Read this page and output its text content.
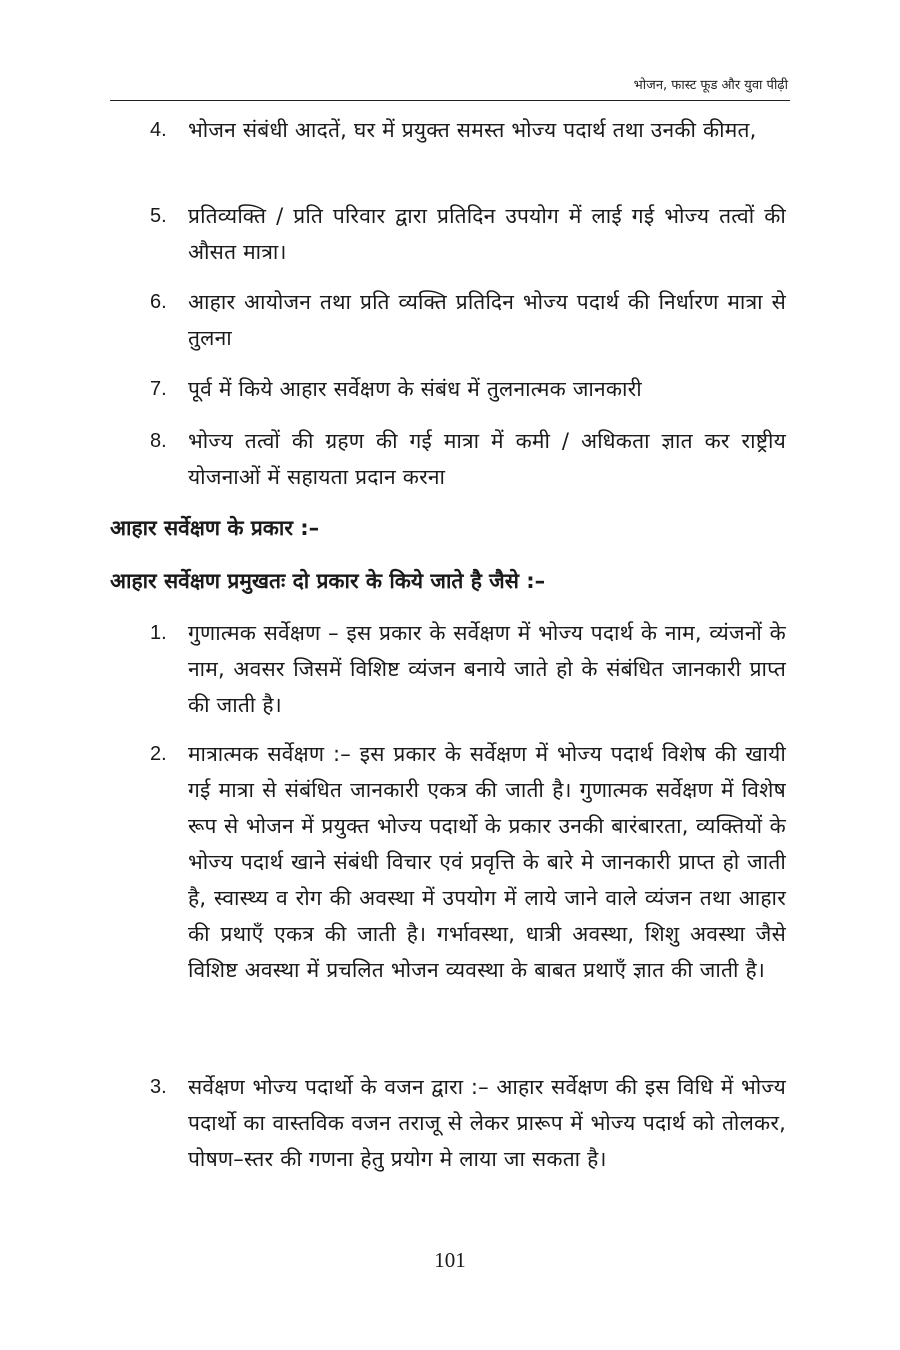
भोजन, फास्ट फूड और युवा पीढ़ी
4.	भोजन संबंधी आदतें, घर में प्रयुक्त समस्त भोज्य पदार्थ तथा उनकी कीमत,
5.	प्रतिव्यक्ति / प्रति परिवार द्वारा प्रतिदिन उपयोग में लाई गई भोज्य तत्वों की औसत मात्रा।
6.	आहार आयोजन तथा प्रति व्यक्ति प्रतिदिन भोज्य पदार्थ की निर्धारण मात्रा से तुलना
7.	पूर्व में किये आहार सर्वेक्षण के संबंध में तुलनात्मक जानकारी
8.	भोज्य तत्वों की ग्रहण की गई मात्रा में कमी / अधिकता ज्ञात कर राष्ट्रीय योजनाओं में सहायता प्रदान करना
आहार सर्वेक्षण के प्रकार :–
आहार सर्वेक्षण प्रमुखतः दो प्रकार के किये जाते है जैसे :–
1.	गुणात्मक सर्वेक्षण – इस प्रकार के सर्वेक्षण में भोज्य पदार्थ के नाम, व्यंजनों के नाम, अवसर जिसमें विशिष्ट व्यंजन बनाये जाते हो के संबंधित जानकारी प्राप्त की जाती है।
2.	मात्रात्मक सर्वेक्षण :– इस प्रकार के सर्वेक्षण में भोज्य पदार्थ विशेष की खायी गई मात्रा से संबंधित जानकारी एकत्र की जाती है। गुणात्मक सर्वेक्षण में विशेष रूप से भोजन में प्रयुक्त भोज्य पदार्थो के प्रकार उनकी बारंबारता, व्यक्तियों के भोज्य पदार्थ खाने संबंधी विचार एवं प्रवृत्ति के बारे मे जानकारी प्राप्त हो जाती है, स्वास्थ्य व रोग की अवस्था में उपयोग में लाये जाने वाले व्यंजन तथा आहार की प्रथाएँ एकत्र की जाती है। गर्भावस्था, धात्री अवस्था, शिशु अवस्था जैसे विशिष्ट अवस्था में प्रचलित भोजन व्यवस्था के बाबत प्रथाएँ ज्ञात की जाती है।
3.	सर्वेक्षण भोज्य पदार्थो के वजन द्वारा :– आहार सर्वेक्षण की इस विधि में भोज्य पदार्थो का वास्तविक वजन तराजू से लेकर प्रारूप में भोज्य पदार्थ को तोलकर, पोषण–स्तर की गणना हेतु प्रयोग मे लाया जा सकता है।
101
